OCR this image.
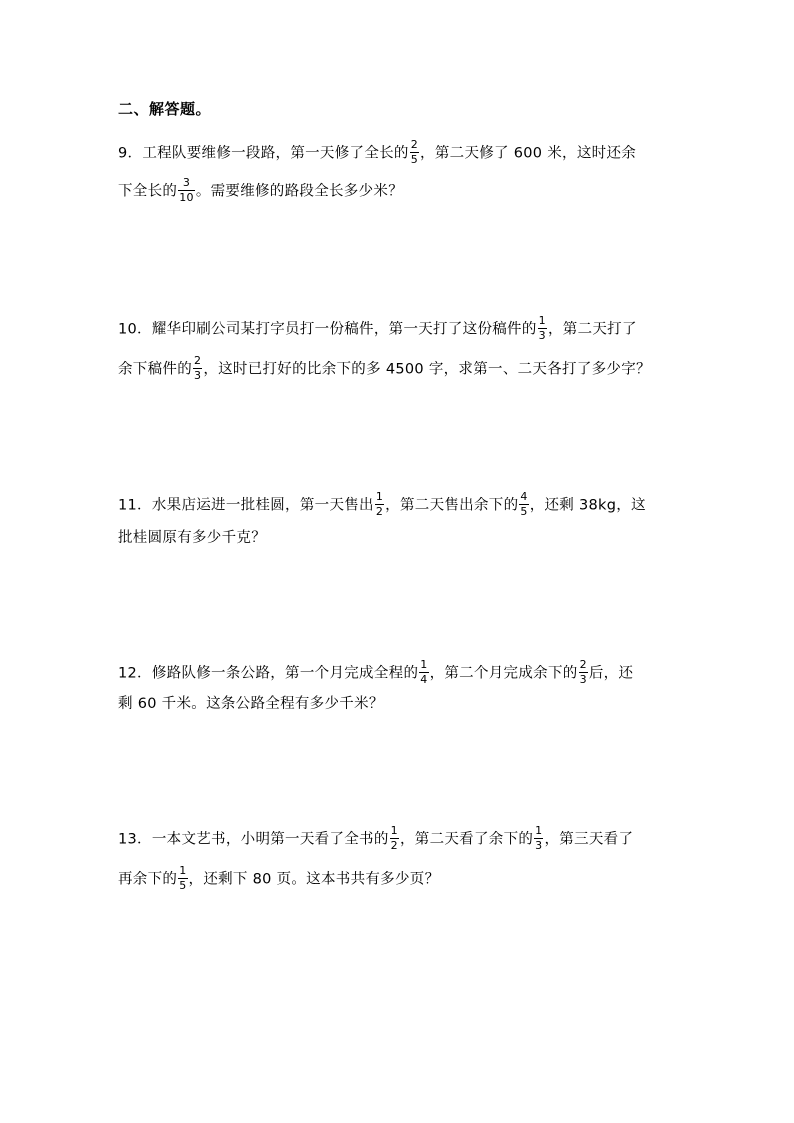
二、解答题。
9．工程队要维修一段路，第一天修了全长的 $\frac{2}{5}$ ，第二天修了 600 米，这时还余
下全长的 $\frac{3}{10}$ 。需要维修的路段全长多少米？
10．耀华印刷公司某打字员打一份稿件，第一天打了这份稿件的 $\frac{1}{3}$ ，第二天打了
余下稿件的 $\frac{2}{3}$ ，这时已打好的比余下的多 4500 字，求第一、二天各打了多少字？
11．水果店运进一批桂圆，第一天售出 $\frac{1}{2}$ ，第二天售出余下的 $\frac{4}{5}$ ，还剩 38kg，这
批桂圆原有多少千克？
12．修路队修一条公路，第一个月完成全程的 $\frac{1}{4}$ ，第二个月完成余下的 $\frac{2}{3}$ 后，还
剩 60 千米。这条公路全程有多少千米？
13．一本文艺书，小明第一天看了全书的 $\frac{1}{2}$ ，第二天看了余下的 $\frac{1}{3}$ ，第三天看了
再余下的 $\frac{1}{5}$ ，还剩下 80 页。这本书共有多少页？
